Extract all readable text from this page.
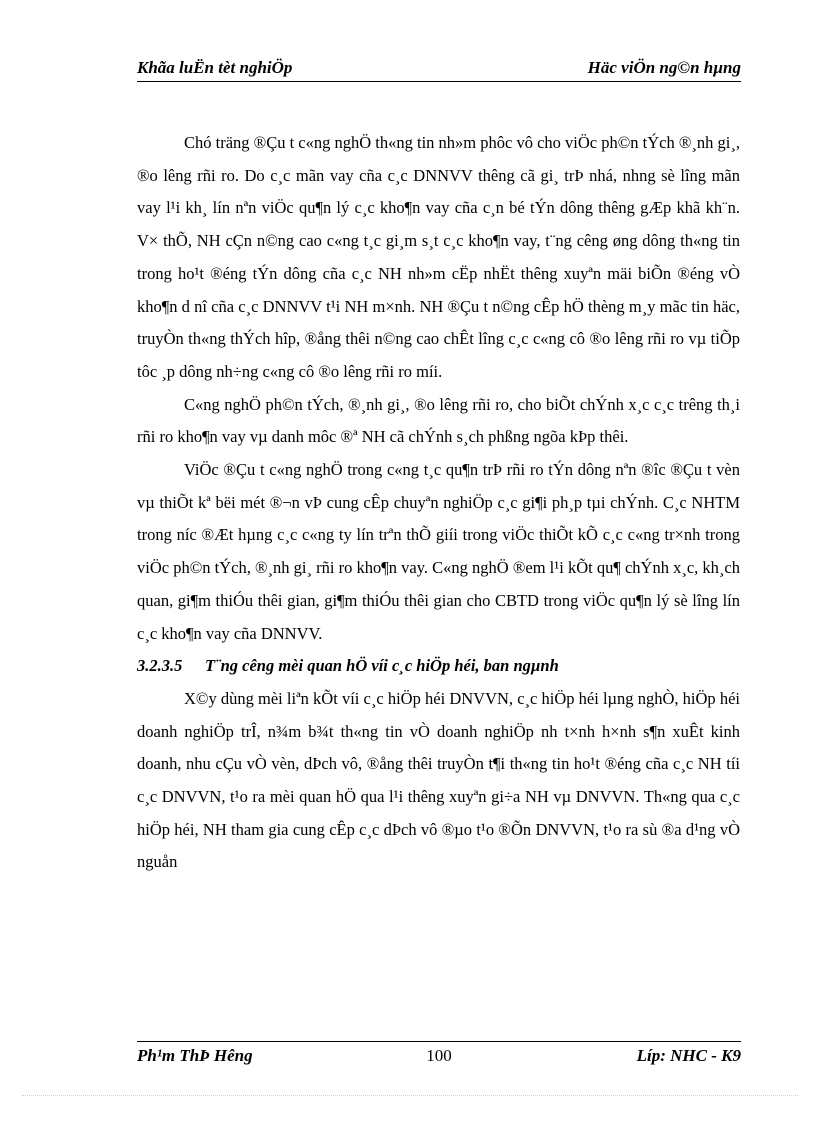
Khãa luËn tèt nghiÖp	Häc viÖn ng©n hµng

Chó träng ®Çu t c«ng nghÖ th«ng tin nh»m phôc vô cho viÖc ph©n tÝch ®¸nh gi¸, ®o lêng rñi ro. Do c¸c mãn vay cña c¸c DNNVV thêng cã gi¸ trÞ nhá, nhng sè lîng mãn vay l¹i kh¸ lín nªn viÖc qu¶n lý c¸c kho¶n vay cña c¸n bé tÝn dông thêng gÆp khã kh¨n. V× thÕ, NH cÇn n©ng cao c«ng t¸c gi¸m s¸t c¸c kho¶n vay, t¨ng cêng øng dông th«ng tin trong ho¹t ®éng tÝn dông cña c¸c NH nh»m cËp nhËt thêng xuyªn mäi biÕn ®éng vÒ kho¶n d nî cña c¸c DNNVV t¹i NH m×nh. NH ®Çu t n©ng cÊp hÖ thèng m¸y mãc tin häc, truyÒn th«ng thÝch hîp, ®ång thêi n©ng cao chÊt lîng c¸c c«ng cô ®o lêng rñi ro vµ tiÕp tôc ¸p dông nh÷ng c«ng cô ®o lêng rñi ro míi.

C«ng nghÖ ph©n tÝch, ®¸nh gi¸, ®o lêng rñi ro, cho biÕt chÝnh x¸c c¸c trêng th¸i rñi ro kho¶n vay vµ danh môc ®ª NH cã chÝnh s¸ch phßng ngõa kÞp thêi.

ViÖc ®Çu t c«ng nghÖ trong c«ng t¸c qu¶n trÞ rñi ro tÝn dông nªn ®îc ®Çu t vèn vµ thiÕt kª bëi mét ®¬n vÞ cung cÊp chuyªn nghiÖp c¸c gi¶i ph¸p tµi chÝnh. C¸c NHTM trong níc ®Æt hµng c¸c c«ng ty lín trªn thÕ giíi trong viÖc thiÕt kÕ c¸c c«ng tr×nh trong viÖc ph©n tÝch, ®¸nh gi¸ rñi ro kho¶n vay. C«ng nghÖ ®em l¹i kÕt qu¶ chÝnh x¸c, kh¸ch quan, gi¶m thiÓu thêi gian, gi¶m thiÓu thêi gian cho CBTD trong viÖc qu¶n lý sè lîng lín c¸c kho¶n vay cña DNNVV.

3.2.3.5 T¨ng cêng mèi quan hÖ víi c¸c hiÖp héi, ban ngµnh

X©y dùng mèi liªn kÕt víi c¸c hiÖp héi DNVVN, c¸c hiÖp héi lµng nghÒ, hiÖp héi doanh nghiÖp trÎ, n¾m b¾t th«ng tin vÒ doanh nghiÖp nh t×nh h×nh s¶n xuÊt kinh doanh, nhu cÇu vÒ vèn, dÞch vô, ®ång thêi truyÒn t¶i th«ng tin ho¹t ®éng cña c¸c NH tíi c¸c DNVVN, t¹o ra mèi quan hÖ qua l¹i thêng xuyªn gi÷a NH vµ DNVVN. Th«ng qua c¸c hiÖp héi, NH tham gia cung cÊp c¸c dÞch vô ®µo t¹o ®Õn DNVVN, t¹o ra sù ®a d¹ng vÒ nguån

Ph¹m ThÞ Hêng	100	Líp: NHC - K9
